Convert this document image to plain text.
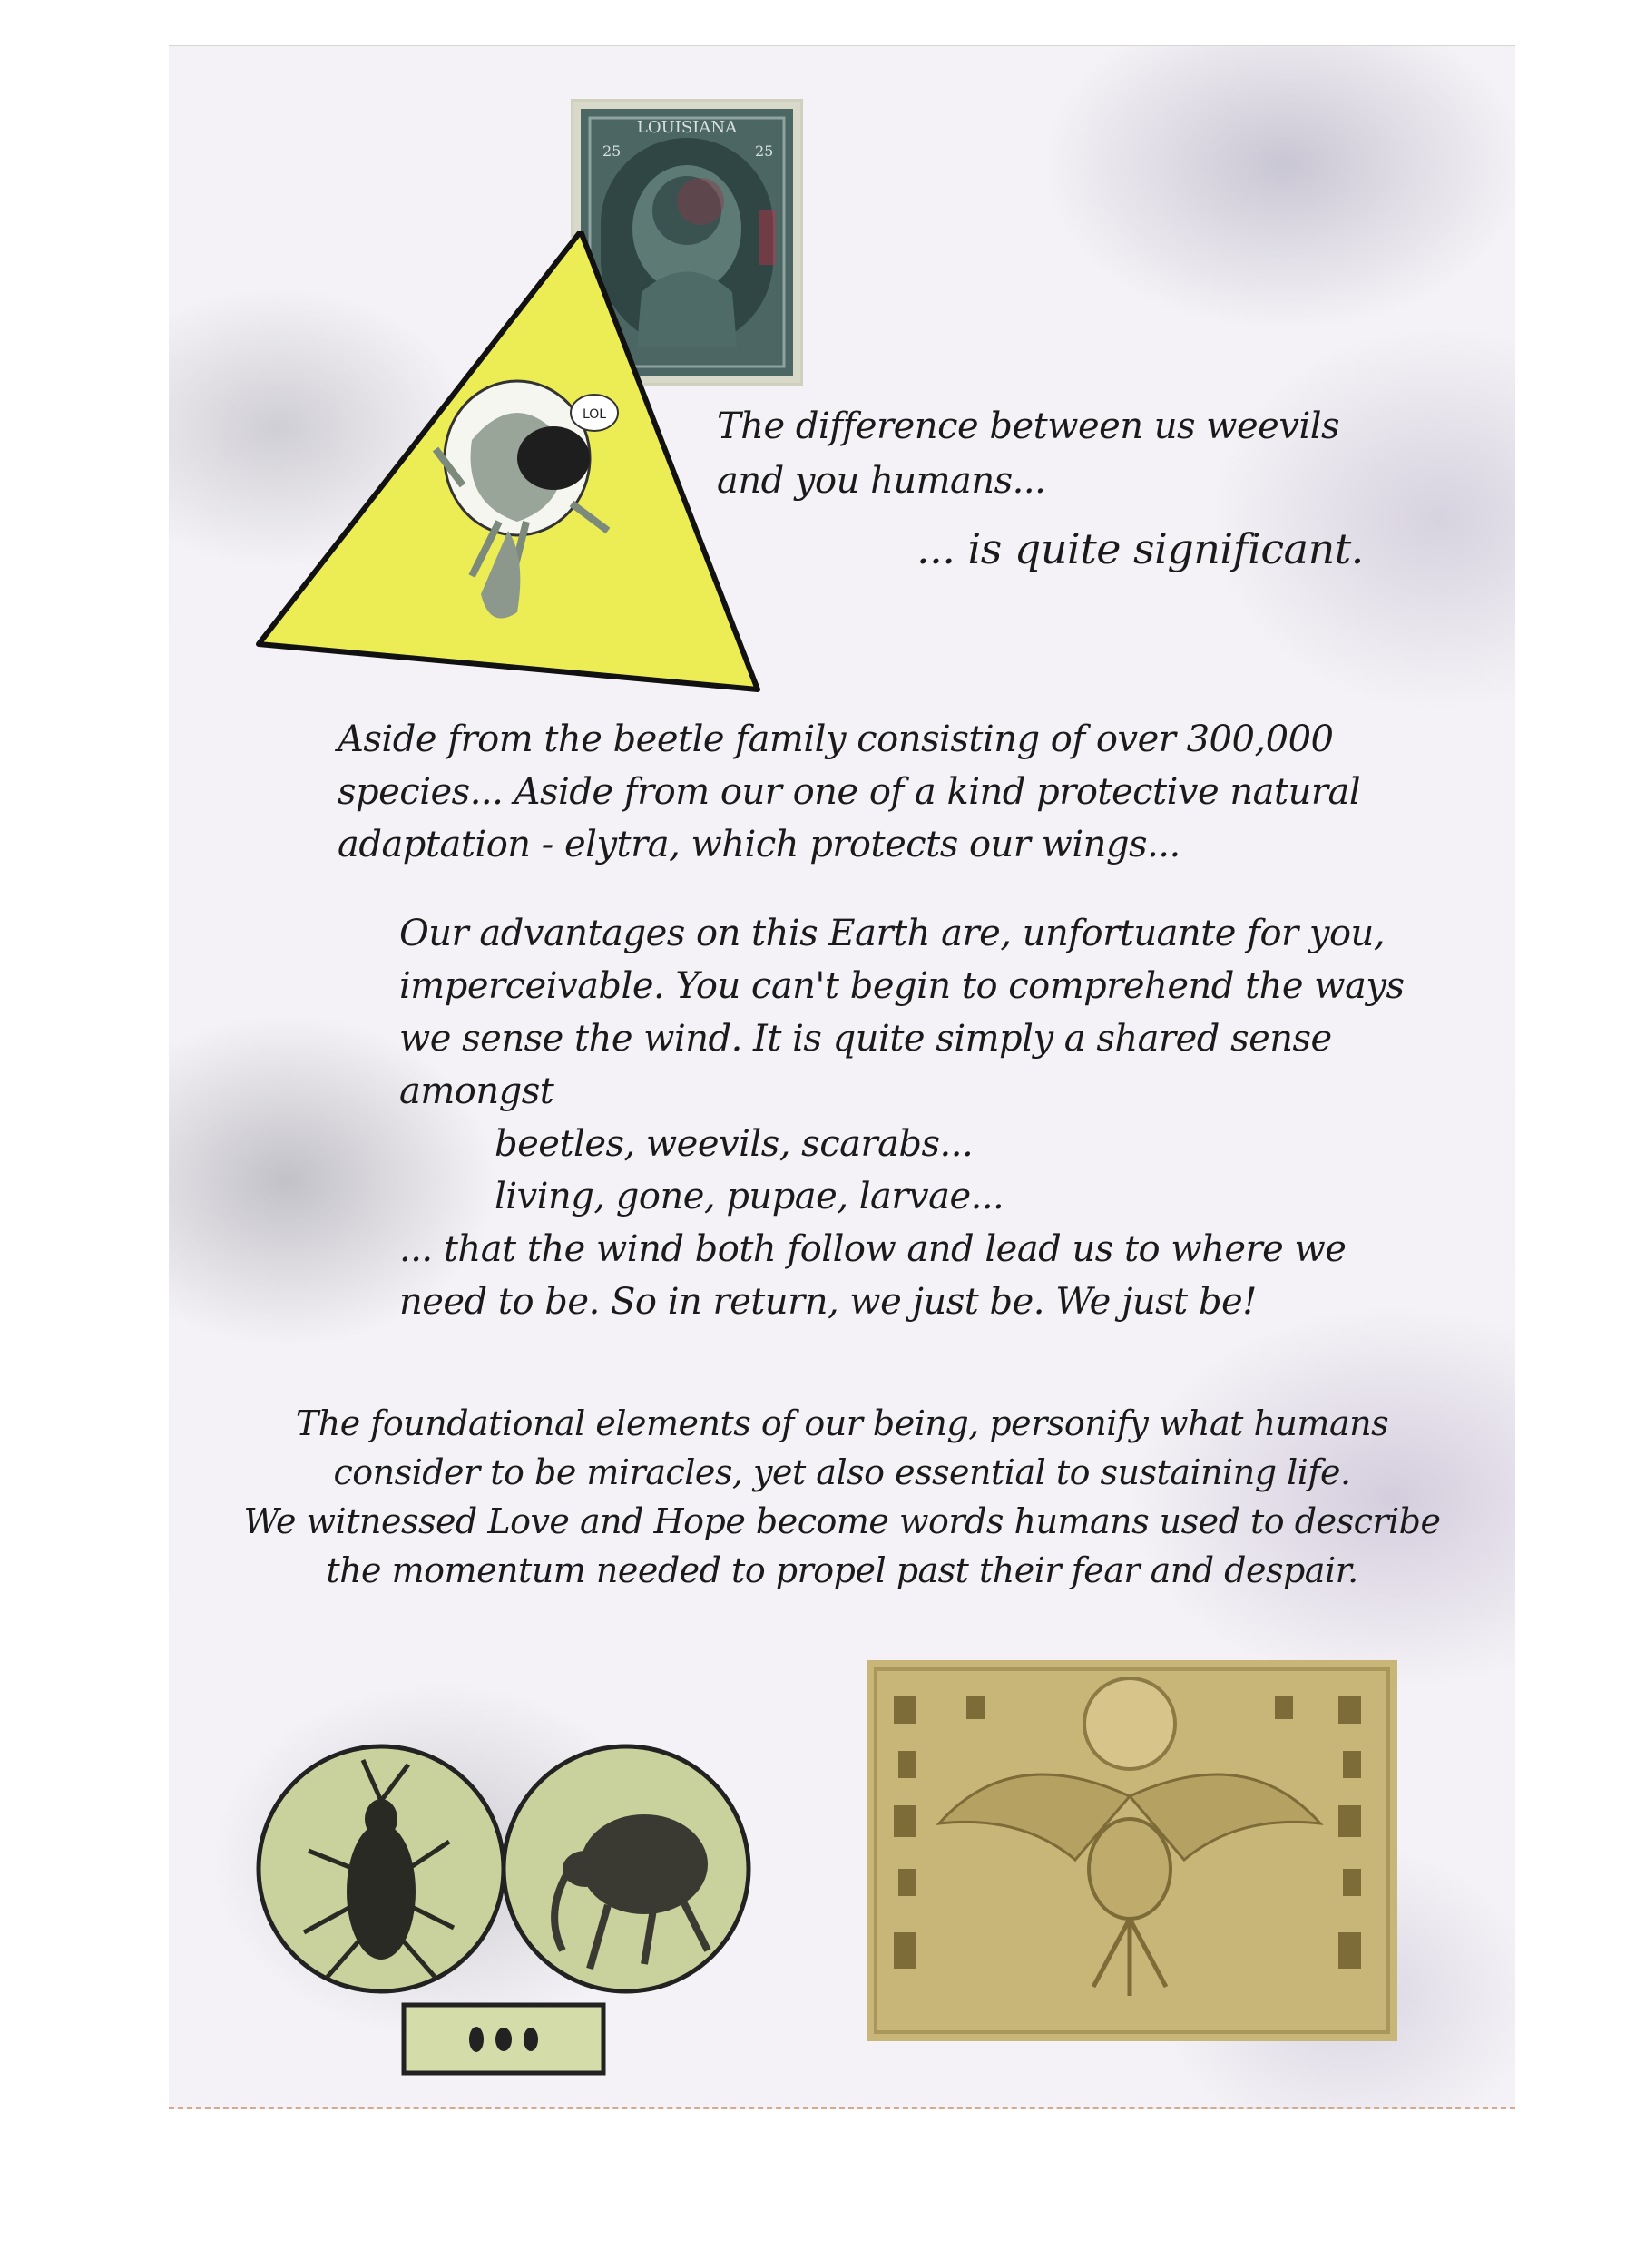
LOUISIANA
25	25
LOL	The difference between us weevils

and you humans...

... is quite significant.

Aside from the beetle family consisting of over 300,000

species... Aside from our one of a kind protective natural

adaptation - elytra, which protects our wings...

Our advantages on this Earth are, unfortuante for you,

imperceivable. You can't begin to comprehend the ways

we sense the wind. It is quite simply a shared sense

amongst

beetles, weevils, scarabs...

living, gone, pupae, larvae...

... that the wind both follow and lead us to where we

need to be. So in return, we just be. We just be!

The foundational elements of our being, personify what humans

consider to be miracles, yet also essential to sustaining life.

We witnessed Love and Hope become words humans used to describe

the momentum needed to propel past their fear and despair.
